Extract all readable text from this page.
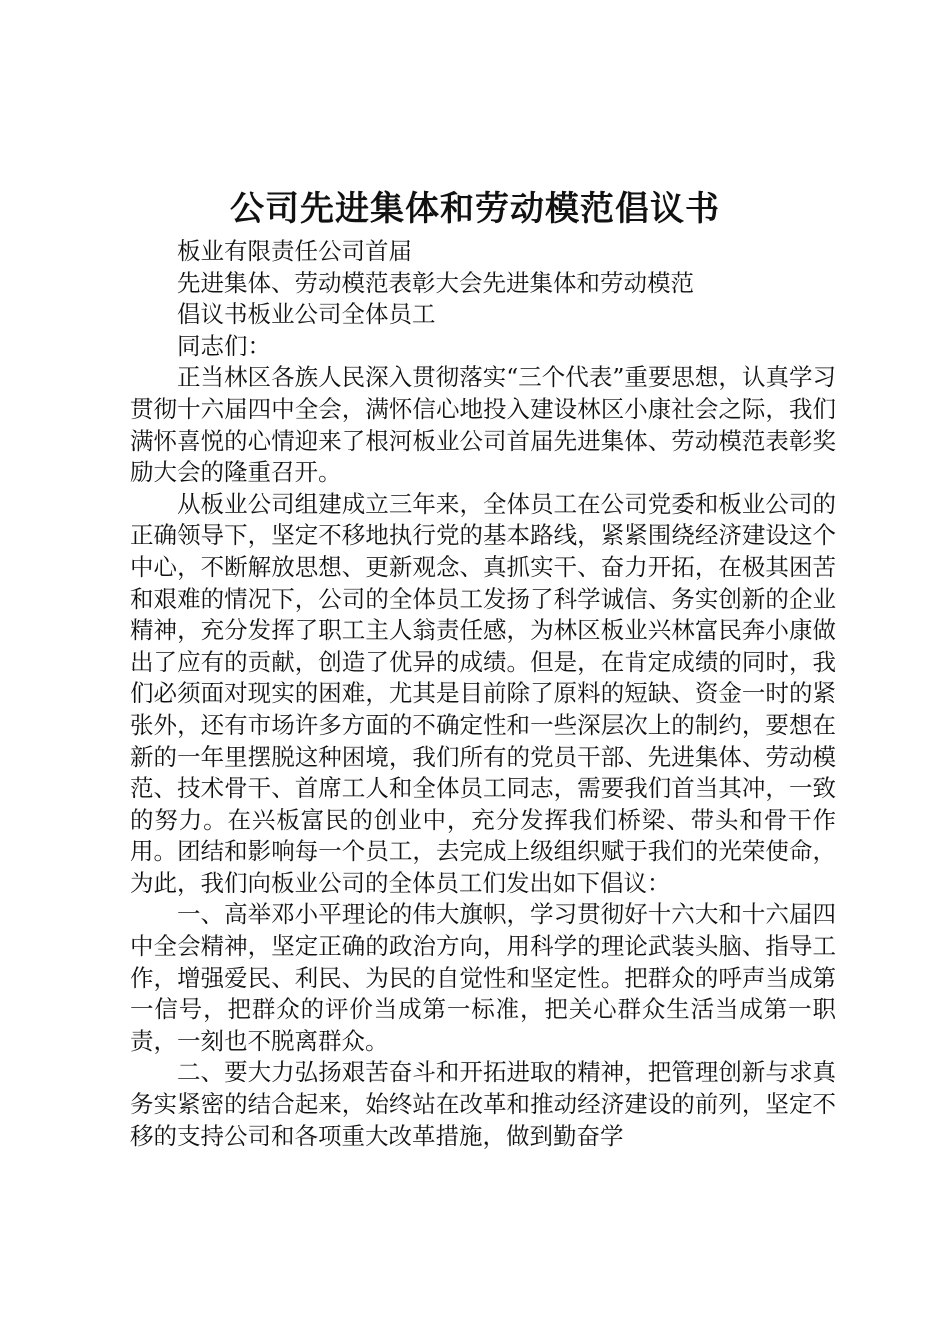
公司先进集体和劳动模范倡议书
板业有限责任公司首届
先进集体、劳动模范表彰大会先进集体和劳动模范
倡议书板业公司全体员工
同志们：

正当林区各族人民深入贯彻落实“三个代表”重要思想，认真学习贯彻十六届四中全会，满怀信心地投入建设林区小康社会之际，我们满怀喜悦的心情迎来了根河板业公司首届先进集体、劳动模范表彰奖励大会的隆重召开。

从板业公司组建成立三年来，全体员工在公司党委和板业公司的正确领导下，坚定不移地执行党的基本路线，紧紧围绕经济建设这个中心，不断解放思想、更新观念、真抓实干、奋力开拓，在极其困苦和艰难的情况下，公司的全体员工发扬了科学诚信、务实创新的企业精神，充分发挥了职工主人翁责任感，为林区板业兴林富民奔小康做出了应有的贡献，创造了优异的成绩。但是，在肯定成绩的同时，我们必须面对现实的困难，尤其是目前除了原料的短缺、资金一时的紧张外，还有市场许多方面的不确定性和一些深层次上的制约，要想在新的一年里摆脱这种困境，我们所有的党员干部、先进集体、劳动模范、技术骨干、首席工人和全体员工同志，需要我们首当其冲，一致的努力。在兴板富民的创业中，充分发挥我们桥梁、带头和骨干作用。团结和影响每一个员工，去完成上级组织赋于我们的光荣使命，为此，我们向板业公司的全体员工们发出如下倡议：

一、高举邓小平理论的伟大旗帜，学习贯彻好十六大和十六届四中全会精神，坚定正确的政治方向，用科学的理论武装头脑、指导工作，增强爱民、利民、为民的自觉性和坚定性。把群众的呼声当成第一信号，把群众的评价当成第一标准，把关心群众生活当成第一职责，一刻也不脱离群众。

二、要大力弘扬艰苦奋斗和开拓进取的精神，把管理创新与求真务实紧密的结合起来，始终站在改革和推动经济建设的前列，坚定不移的支持公司和各项重大改革措施，做到勤奋学
